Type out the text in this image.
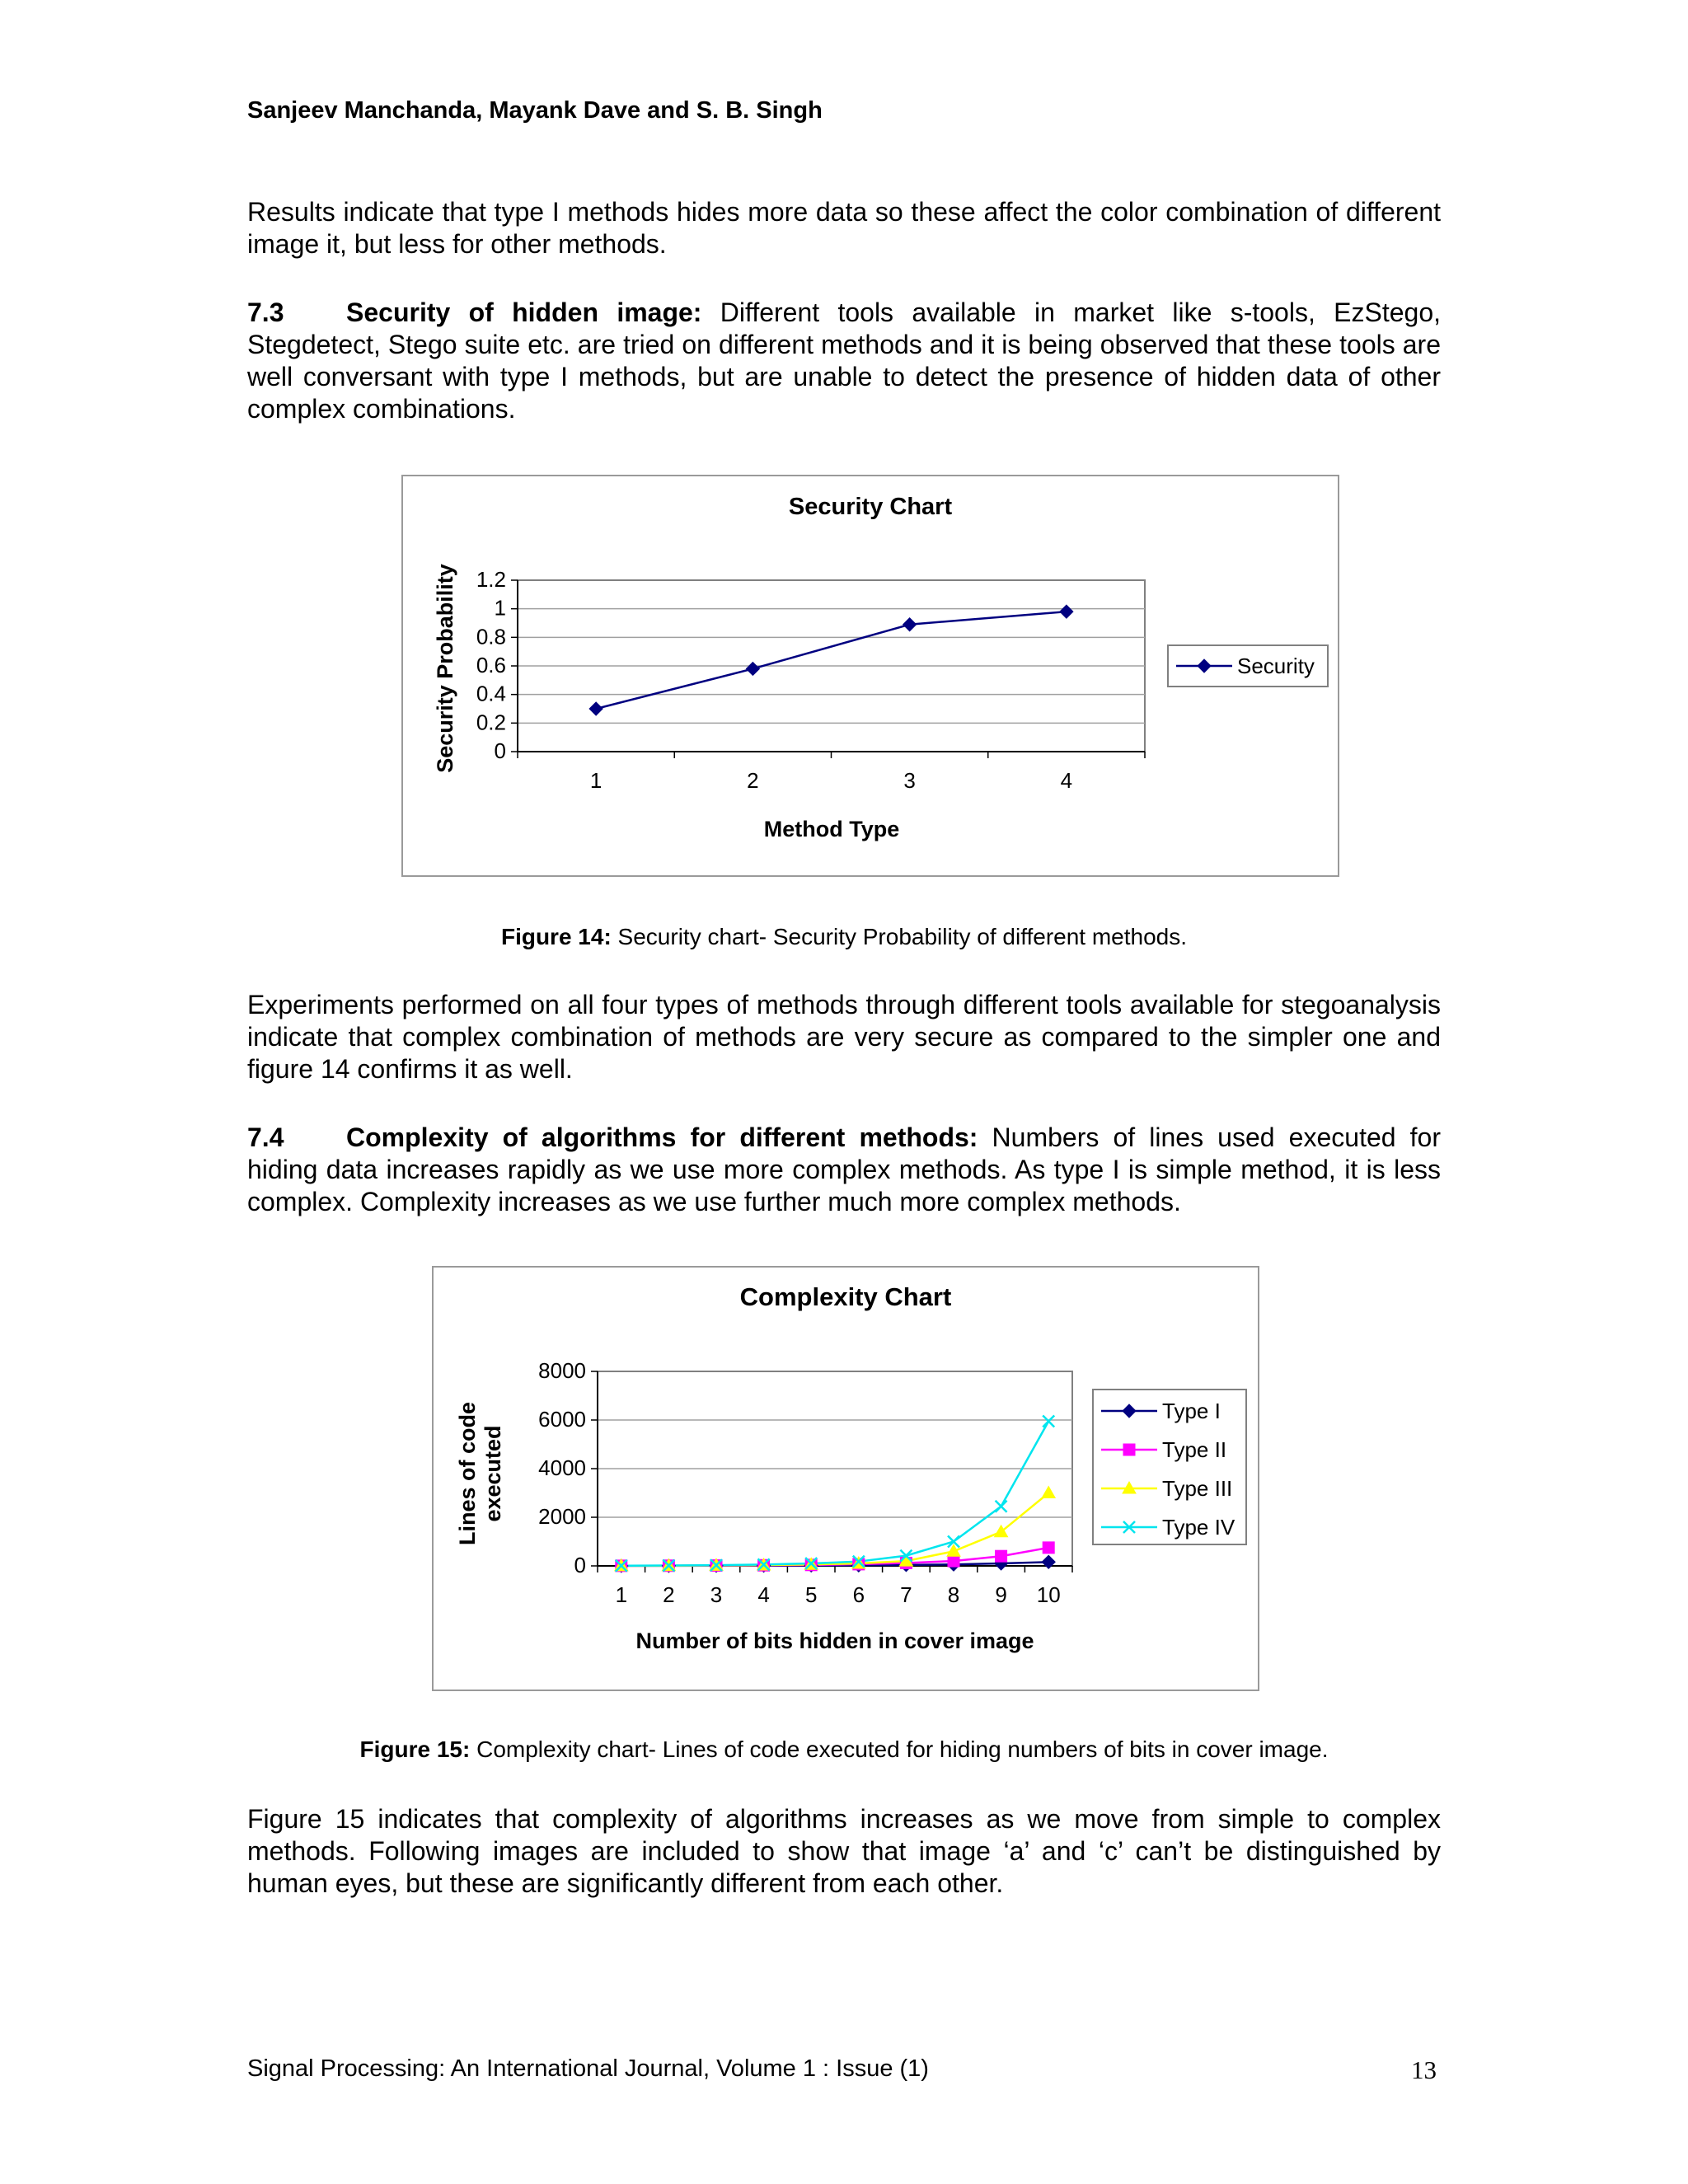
Sanjeev Manchanda, Mayank Dave and S. B. Singh

Results indicate that type I methods hides more data so these affect the color combination of different image it, but less for other methods.

7.3 Security of hidden image: Different tools available in market like s-tools, EzStego, Stegdetect, Stego suite etc. are tried on different methods and it is being observed that these tools are well conversant with type I methods, but are unable to detect the presence of hidden data of other complex combinations.

Security Chart
0
0.2
0.4
0.6
0.8
1
1.2
1	2	3	4
Method Type
Security Probability	Security
Figure 14: Security chart- Security Probability of different methods.

Experiments performed on all four types of methods through different tools available for stegoanalysis indicate that complex combination of methods are very secure as compared to the simpler one and figure 14 confirms it as well.

7.4 Complexity of algorithms for different methods: Numbers of lines used executed for hiding data increases rapidly as we use more complex methods. As type I is simple method, it is less complex. Complexity increases as we use further much more complex methods.

Complexity Chart
0
2000
4000
6000
8000
1 2 3 4 5 6 7 8 9 10
Number of bits hidden in cover image
Lines of codeexecuted
Type I
Type II
Type III
Type IV
Figure 15: Complexity chart- Lines of code executed for hiding numbers of bits in cover image.

Figure 15 indicates that complexity of algorithms increases as we move from simple to complex methods. Following images are included to show that image ‘a’ and ‘c’ can’t be distinguished by human eyes, but these are significantly different from each other.

Signal Processing: An International Journal, Volume 1 : Issue (1)	13
